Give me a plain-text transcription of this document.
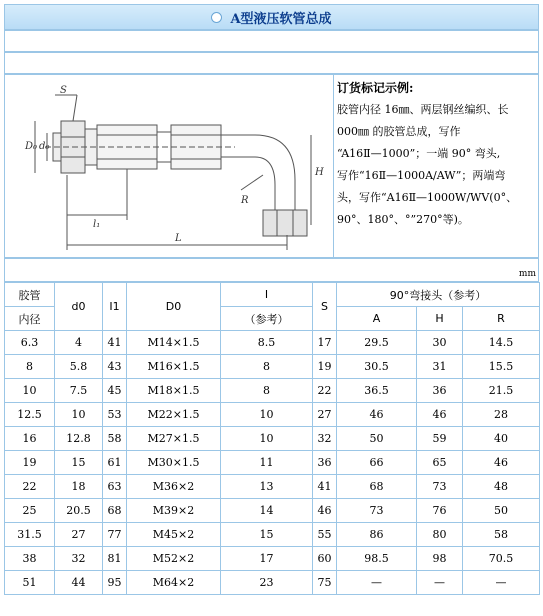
A型液压软管总成
S
D₀ d₀
H
R
l₁
L
订货标记示例:
胶管内径 16㎜、两层钢丝编织、长
000㎜ 的胶管总成，写作
“A16Ⅱ—1000”；一端 90° 弯头,
写作“16Ⅱ—1000A/AW”；两端弯
头，写作“A16Ⅱ—1000W/WV(0°、
90°、180°、°”270°等)。
mm
胶管	d0	I1	D0	I	S	90°弯接头（参考）		
内径				（参考）		A	H	R
6.3	4	41	M14×1.5	8.5	17	29.5	30	14.5
8	5.8	43	M16×1.5	8	19	30.5	31	15.5
10	7.5	45	M18×1.5	8	22	36.5	36	21.5
12.5	10	53	M22×1.5	10	27	46	46	28
16	12.8	58	M27×1.5	10	32	50	59	40
19	15	61	M30×1.5	11	36	66	65	46
22	18	63	M36×2	13	41	68	73	48
25	20.5	68	M39×2	14	46	73	76	50
31.5	27	77	M45×2	15	55	86	80	58
38	32	81	M52×2	17	60	98.5	98	70.5
51	44	95	M64×2	23	75	—	—	—
